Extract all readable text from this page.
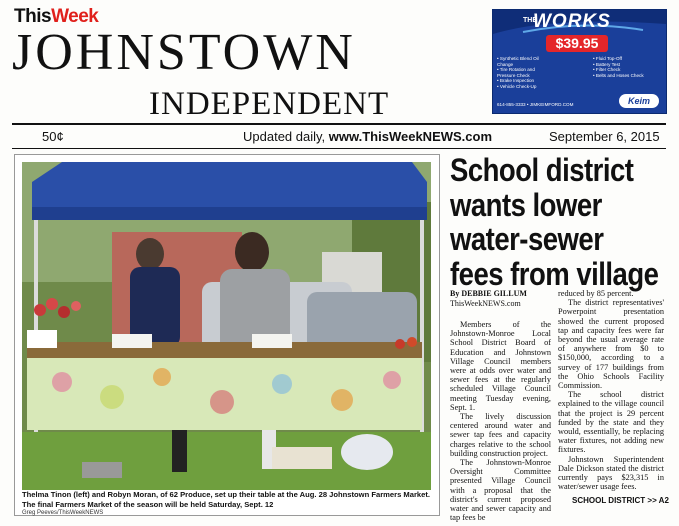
ThisWeek
JOHNSTOWN
INDEPENDENT
THE
WORKS
$39.95
• Synthetic Blend Oil
Change
• Tire Rotation and
Pressure Check
• Brake Inspection
• Vehicle Check-Up
• Fluid Top-Off
• Battery Test
• Filter Check
• Belts and Hoses Check
614-855-3333 • JIMKEIMFORD.COM	Keim
50¢	Updated daily, www.ThisWeekNEWS.com	September 6, 2015
Thelma Tinon (left) and Robyn Moran, of 62 Produce, set up their table at the Aug. 28 Johnstown Farmers Market. The final Farmers Market of the season will be held Saturday, Sept. 12
Greg Peeves/ThisWeekNEWS
School district
wants lower
water-sewer
fees from village
By DEBBIE GILLUM
ThisWeekNEWS.com

Members of the Johnstown-Monroe Local School District Board of Education and Johnstown Village Council members were at odds over water and sewer fees at the regularly scheduled Village Council meeting Tuesday evening, Sept. 1.

The lively discussion centered around water and sewer tap fees and capacity charges relative to the school building construction project.

The Johnstown-Monroe Oversight Committee presented Village Council with a proposal that the district's current proposed water and sewer capacity and tap fees be

reduced by 85 percent.

The district representatives' Powerpoint presentation showed the current proposed tap and capacity fees were far beyond the usual average rate of anywhere from $0 to $150,000, according to a survey of 177 buildings from the Ohio Schools Facility Commission.

The school district explained to the village council that the project is 29 percent funded by the state and they would, essentially, be replacing water fixtures, not adding new fixtures.

Johnstown Superintendent Dale Dickson stated the district currently pays $23,315 in water/sewer usage fees.

SCHOOL DISTRICT >> A2
